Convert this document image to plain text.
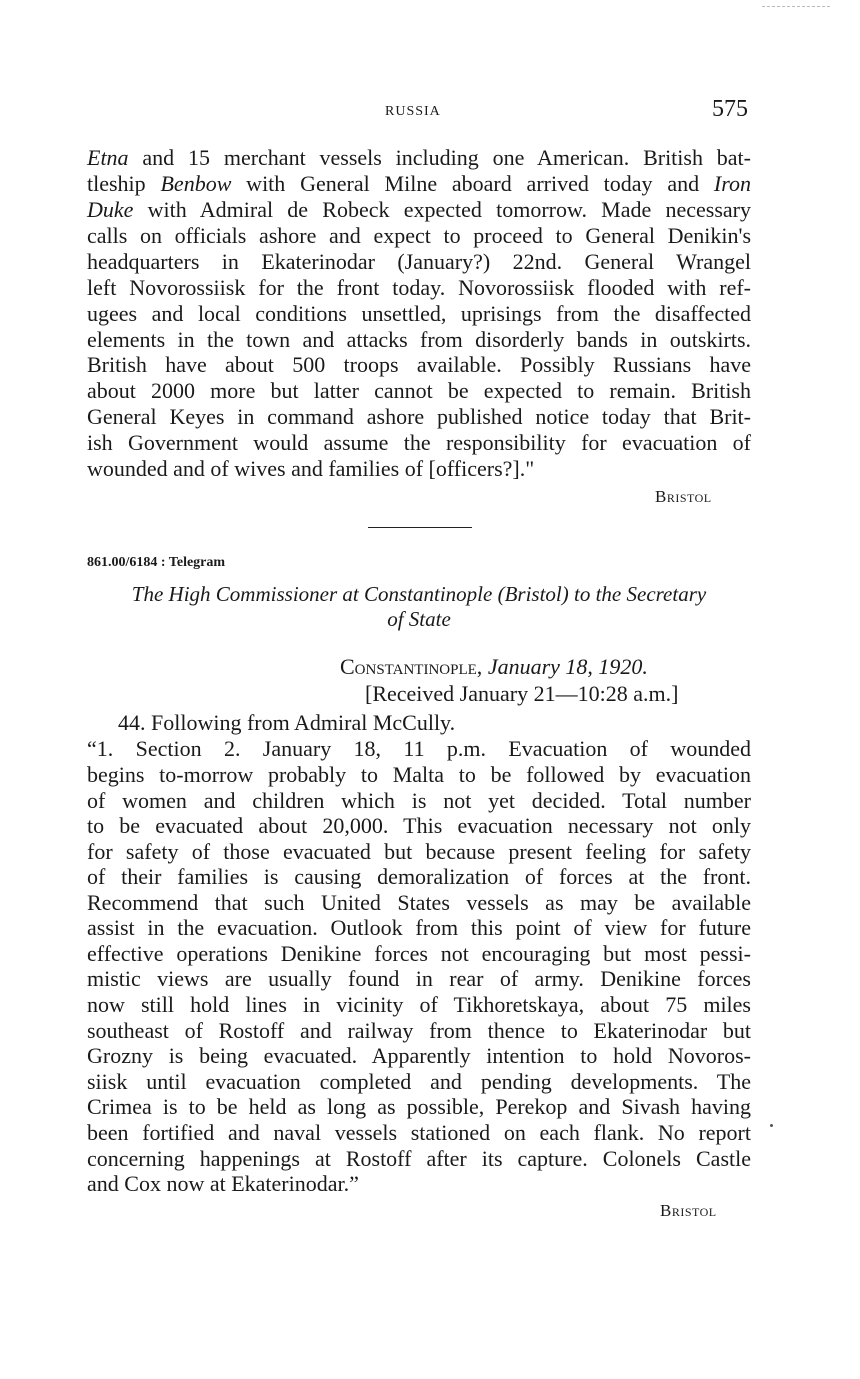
RUSSIA	575
Etna and 15 merchant vessels including one American. British bat-
tleship Benbow with General Milne aboard arrived today and Iron
Duke with Admiral de Robeck expected tomorrow. Made necessary
calls on officials ashore and expect to proceed to General Denikin's
headquarters in Ekaterinodar (January?) 22nd. General Wrangel
left Novorossiisk for the front today. Novorossiisk flooded with ref-
ugees and local conditions unsettled, uprisings from the disaffected
elements in the town and attacks from disorderly bands in outskirts.
British have about 500 troops available. Possibly Russians have
about 2000 more but latter cannot be expected to remain. British
General Keyes in command ashore published notice today that Brit-
ish Government would assume the responsibility for evacuation of
wounded and of wives and families of [officers?]."
Bristol
861.00/6184 : Telegram
The High Commissioner at Constantinople (Bristol) to the Secretary
of State
Constantinople, January 18, 1920.
[Received January 21—10:28 a.m.]
44. Following from Admiral McCully.
“1. Section 2. January 18, 11 p.m. Evacuation of wounded
begins to-morrow probably to Malta to be followed by evacuation
of women and children which is not yet decided. Total number
to be evacuated about 20,000. This evacuation necessary not only
for safety of those evacuated but because present feeling for safety
of their families is causing demoralization of forces at the front.
Recommend that such United States vessels as may be available
assist in the evacuation. Outlook from this point of view for future
effective operations Denikine forces not encouraging but most pessi-
mistic views are usually found in rear of army. Denikine forces
now still hold lines in vicinity of Tikhoretskaya, about 75 miles
southeast of Rostoff and railway from thence to Ekaterinodar but
Grozny is being evacuated. Apparently intention to hold Novoros-
siisk until evacuation completed and pending developments. The
Crimea is to be held as long as possible, Perekop and Sivash having
been fortified and naval vessels stationed on each flank. No report
concerning happenings at Rostoff after its capture. Colonels Castle
and Cox now at Ekaterinodar.”
Bristol
